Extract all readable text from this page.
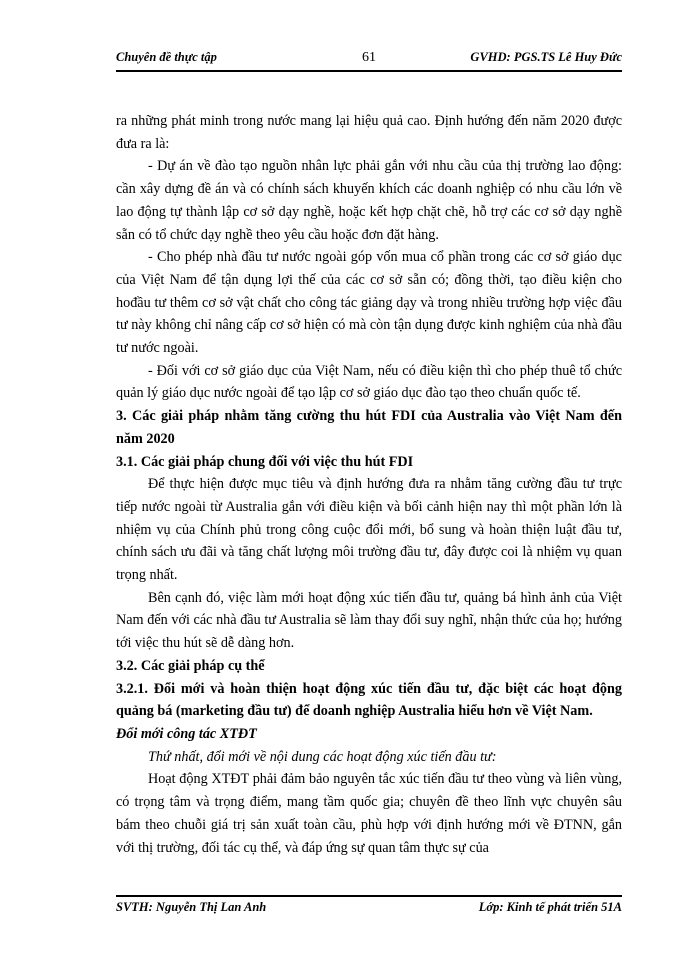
Chuyên đề thực tập	61	GVHD: PGS.TS Lê Huy Đức

ra những phát minh trong nước mang lại hiệu quả cao. Định hướng đến năm 2020 được đưa ra là:

- Dự án về đào tạo nguồn nhân lực phải gắn với nhu cầu của thị trường lao động: cần xây dựng đề án và có chính sách khuyến khích các doanh nghiệp có nhu cầu lớn về lao động tự thành lập cơ sở dạy nghề, hoặc kết hợp chặt chẽ, hỗ trợ các cơ sở dạy nghề sẵn có tổ chức dạy nghề theo yêu cầu hoặc đơn đặt hàng.

- Cho phép nhà đầu tư nước ngoài góp vốn mua cổ phần trong các cơ sở giáo dục của Việt Nam để tận dụng lợi thế của các cơ sở sẵn có; đồng thời, tạo điều kiện cho hođầu tư thêm cơ sở vật chất cho công tác giảng dạy và trong nhiều trường hợp việc đầu tư này không chỉ nâng cấp cơ sở hiện có mà còn tận dụng được kinh nghiệm của nhà đầu tư nước ngoài.

- Đối với cơ sở giáo dục của Việt Nam, nếu có điều kiện thì cho phép thuê tổ chức quản lý giáo dục nước ngoài để tạo lập cơ sở giáo dục đào tạo theo chuẩn quốc tế.

3. Các giải pháp nhằm tăng cường thu hút FDI của Australia vào Việt Nam đến năm 2020

3.1. Các giải pháp chung đối với việc thu hút FDI

Để thực hiện được mục tiêu và định hướng đưa ra nhằm tăng cường đầu tư trực tiếp nước ngoài từ Australia gắn với điều kiện và bối cảnh hiện nay thì một phần lớn là nhiệm vụ của Chính phủ trong công cuộc đổi mới, bổ sung và hoàn thiện luật đầu tư, chính sách ưu đãi và tăng chất lượng môi trường đầu tư, đây được coi là nhiệm vụ quan trọng nhất.

Bên cạnh đó, việc làm mới hoạt động xúc tiến đầu tư, quảng bá hình ảnh của Việt Nam đến với các nhà đầu tư Australia sẽ làm thay đổi suy nghĩ, nhận thức của họ; hướng tới việc thu hút sẽ dễ dàng hơn.

3.2. Các giải pháp cụ thể

3.2.1. Đổi mới và hoàn thiện hoạt động xúc tiến đầu tư, đặc biệt các hoạt động quảng bá (marketing đầu tư) để doanh nghiệp Australia hiểu hơn về Việt Nam.

Đổi mới công tác XTĐT

Thứ nhất, đổi mới về nội dung các hoạt động xúc tiến đầu tư:

Hoạt động XTĐT phải đảm bảo nguyên tắc xúc tiến đầu tư theo vùng và liên vùng, có trọng tâm và trọng điểm, mang tầm quốc gia; chuyên đề theo lĩnh vực chuyên sâu bám theo chuỗi giá trị sản xuất toàn cầu, phù hợp với định hướng mới về ĐTNN, gắn với thị trường, đối tác cụ thể, và đáp ứng sự quan tâm thực sự của

SVTH: Nguyễn Thị Lan Anh	Lớp: Kinh tế phát triển 51A
